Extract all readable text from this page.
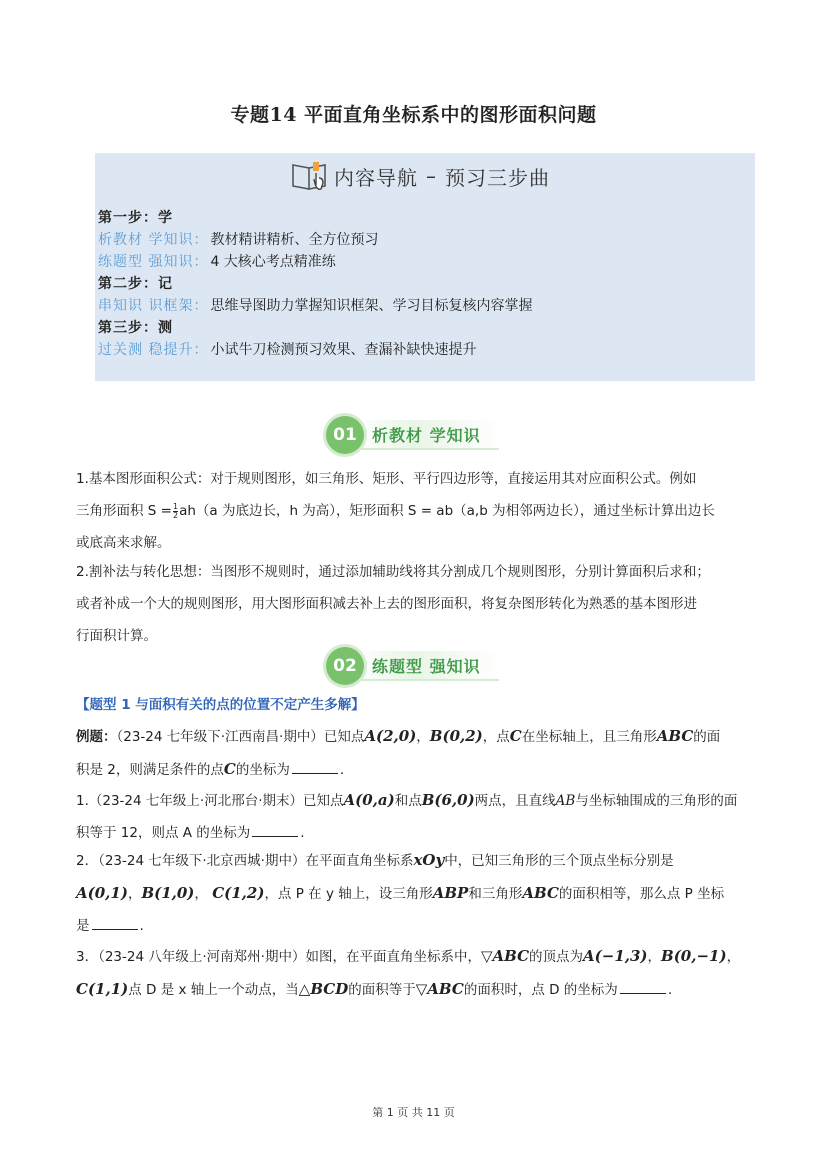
专题14 平面直角坐标系中的图形面积问题
内容导航 – 预习三步曲
第一步：学
析教材 学知识： 教材精讲精析、全方位预习
练题型 强知识： 4 大核心考点精准练
第二步：记
串知识 识框架： 思维导图助力掌握知识框架、学习目标复核内容掌握
第三步：测
过关测 稳提升： 小试牛刀检测预习效果、查漏补缺快速提升
01 析教材 学知识
1.基本图形面积公式：对于规则图形，如三角形、矩形、平行四边形等，直接运用其对应面积公式。例如
三角形面积 $S = \frac{1}{2} ah(a$ 为底边长，h 为高），矩形面积 S = ab（a,b 为相邻两边长），通过坐标计算出边长
或底高来求解。
2.割补法与转化思想：当图形不规则时，通过添加辅助线将其分割成几个规则图形，分别计算面积后求和；
或者补成一个大的规则图形，用大图形面积减去补上去的图形面积，将复杂图形转化为熟悉的基本图形进
行面积计算。
02 练题型 强知识
【题型 1 与面积有关的点的位置不定产生多解】
例题：（23-24 七年级下·江西南昌·期中）已知点A(2,0)，B(0,2)，点C在坐标轴上，且三角形ABC的面
积是 2，则满足条件的点C的坐标为	.
1.（23-24 七年级上·河北邢台·期末）已知点A(0,a)和点B(6,0)两点，且直线AB与坐标轴围成的三角形的面
积等于 12，则点 A 的坐标为	.
2．（23-24 七年级下·北京西城·期中）在平面直角坐标系xOy中，已知三角形的三个顶点坐标分别是
A(0,1)，B(1,0)， C(1,2)，点 P 在 y 轴上，设三角形ABP和三角形ABC的面积相等，那么点 P 坐标
是	.
3．（23-24 八年级上·河南郑州·期中）如图，在平面直角坐标系中，▽ABC的顶点为A(−1,3)，B(0,−1)，
C(1,1)点 D 是 x 轴上一个动点，当△BCD的面积等于▽ABC的面积时，点 D 的坐标为	.
第 1 页 共 11 页
